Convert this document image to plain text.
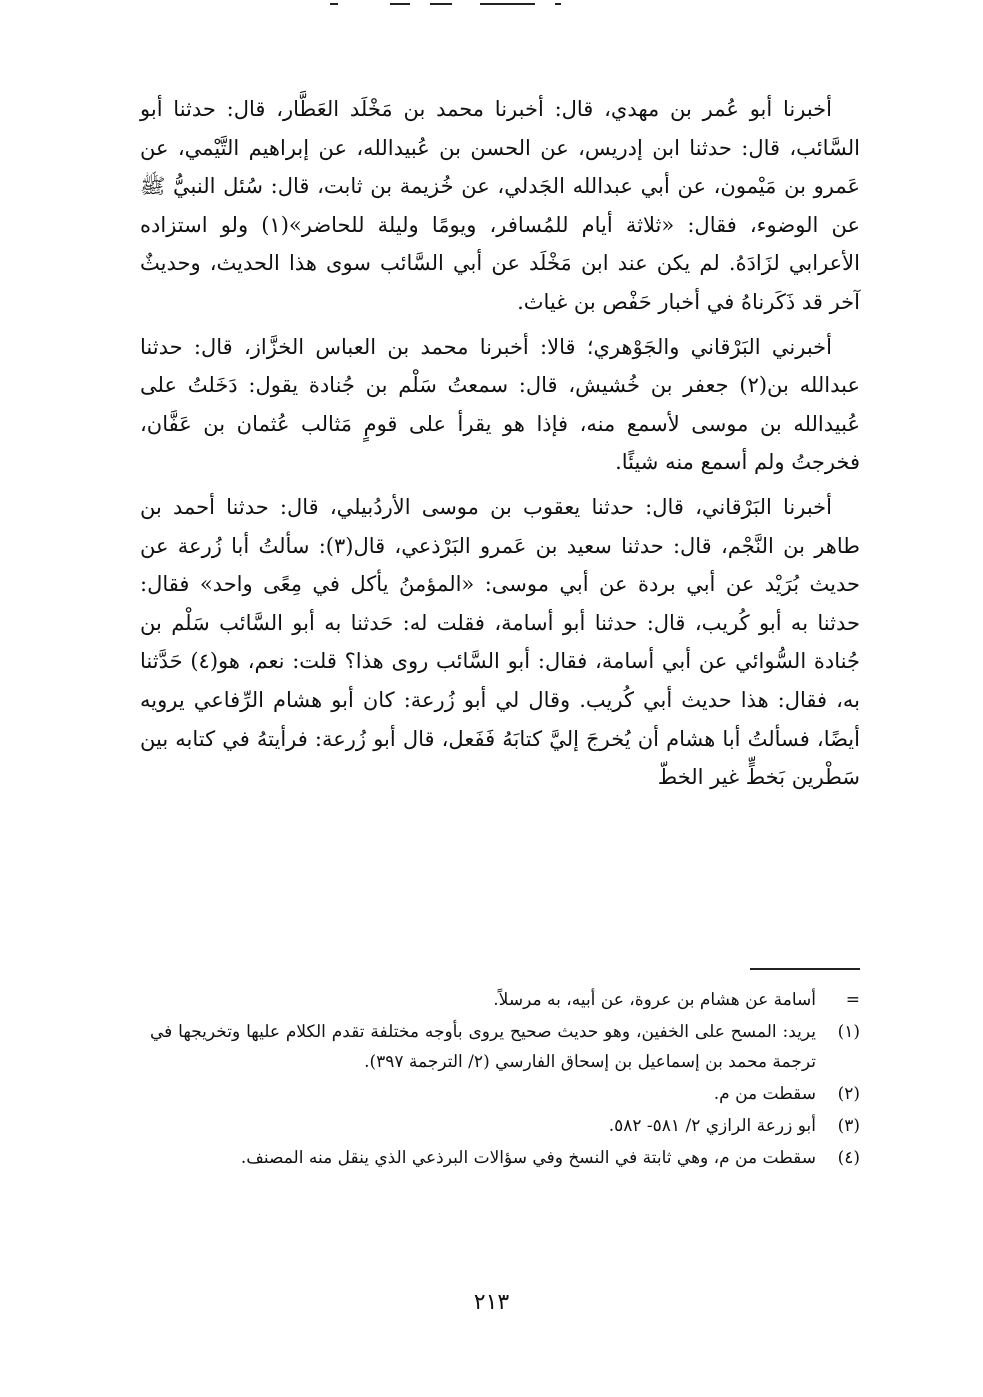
أخبرنا أبو عُمر بن مهدي، قال: أخبرنا محمد بن مَخْلَد العَطَّار، قال: حدثنا أبو السَّائب، قال: حدثنا ابن إدريس، عن الحسن بن عُبيدالله، عن إبراهيم التَّيْمي، عن عَمرو بن مَيْمون، عن أبي عبدالله الجَدلي، عن خُزيمة بن ثابت، قال: سُئل النبيُّ ﷺ عن الوضوء، فقال: «ثلاثة أيام للمُسافر، ويومًا وليلة للحاضر»(١) ولو استزاده الأعرابي لزَادَهُ. لم يكن عند ابن مَخْلَد عن أبي السَّائب سوى هذا الحديث، وحديثٌ آخر قد ذَكَرناهُ في أخبار حَفْص بن غياث.

أخبرني البَرْقاني والجَوْهري؛ قالا: أخبرنا محمد بن العباس الخزَّاز، قال: حدثنا عبدالله بن(٢) جعفر بن خُشيش، قال: سمعتُ سَلْم بن جُنادة يقول: دَخَلتُ على عُبيدالله بن موسى لأسمع منه، فإذا هو يقرأ على قومٍ مَثالب عُثمان بن عَفَّان، فخرجتُ ولم أسمع منه شيئًا.

أخبرنا البَرْقاني، قال: حدثنا يعقوب بن موسى الأردُبيلي، قال: حدثنا أحمد بن طاهر بن النَّجْم، قال: حدثنا سعيد بن عَمرو البَرْذعي، قال(٣): سألتُ أبا زُرعة عن حديث بُرَيْد عن أبي بردة عن أبي موسى: «المؤمنُ يأكل في مِعًى واحد» فقال: حدثنا به أبو كُريب، قال: حدثنا أبو أسامة، فقلت له: حَدثنا به أبو السَّائب سَلْم بن جُنادة السُّوائي عن أبي أسامة، فقال: أبو السَّائب روى هذا؟ قلت: نعم، هو(٤) حَدَّثنا به، فقال: هذا حديث أبي كُريب. وقال لي أبو زُرعة: كان أبو هشام الرِّفاعي يرويه أيضًا، فسألتُ أبا هشام أن يُخرجَ إليَّ كتابَهُ فَفَعل، قال أبو زُرعة: فرأيتهُ في كتابه بين سَطْرين بَخطٍّ غير الخطّ

=
أسامة عن هشام بن عروة، عن أبيه، به مرسلاً.
(١)
يريد: المسح على الخفين، وهو حديث صحيح يروى بأوجه مختلفة تقدم الكلام عليها وتخريجها في ترجمة محمد بن إسماعيل بن إسحاق الفارسي (٢/ الترجمة ٣٩٧).
(٢)
سقطت من م.
(٣)
أبو زرعة الرازي ٢/ ٥٨١- ٥٨٢.
(٤)
سقطت من م، وهي ثابتة في النسخ وفي سؤالات البرذعي الذي ينقل منه المصنف.
٢١٣
